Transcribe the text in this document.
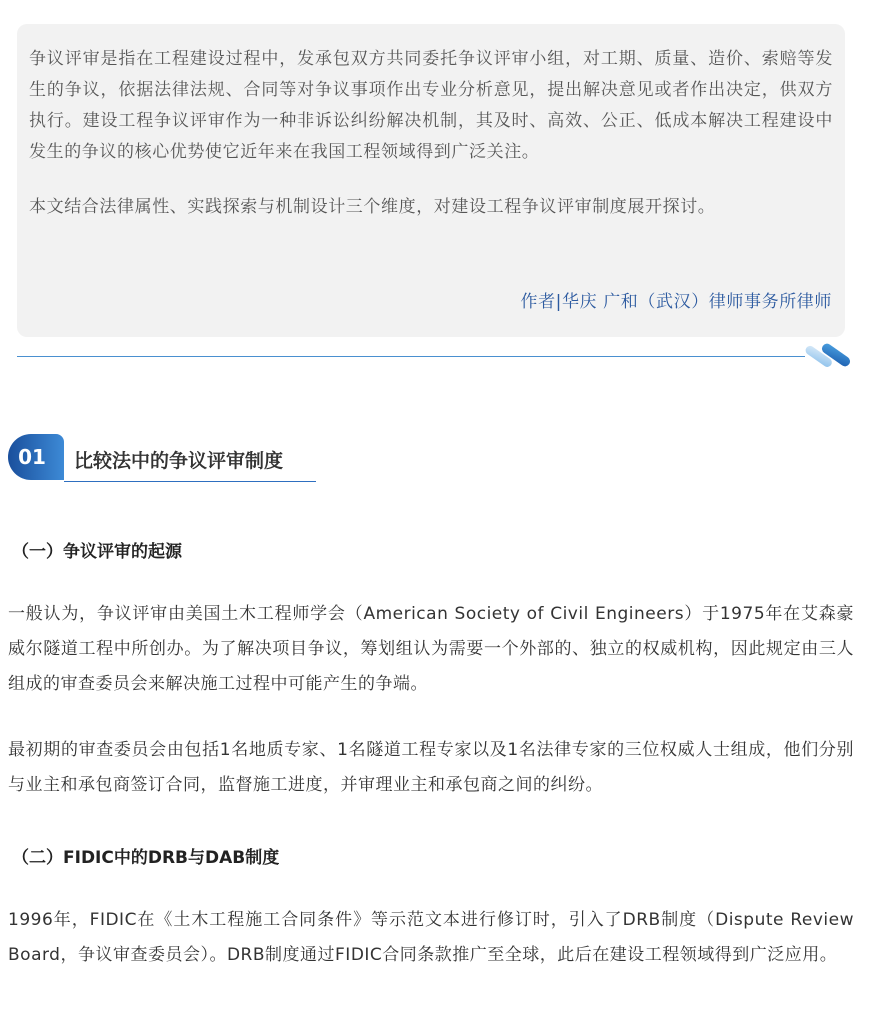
争议评审是指在工程建设过程中，发承包双方共同委托争议评审小组，对工期、质量、造价、索赔等发生的争议，依据法律法规、合同等对争议事项作出专业分析意见，提出解决意见或者作出决定，供双方执行。建设工程争议评审作为一种非诉讼纠纷解决机制，其及时、高效、公正、低成本解决工程建设中发生的争议的核心优势使它近年来在我国工程领域得到广泛关注。

本文结合法律属性、实践探索与机制设计三个维度，对建设工程争议评审制度展开探讨。

作者|华庆 广和（武汉）律师事务所律师
01	比较法中的争议评审制度
（一）争议评审的起源

一般认为，争议评审由美国土木工程师学会（American Society of Civil Engineers）于1975年在艾森豪威尔隧道工程中所创办。为了解决项目争议，筹划组认为需要一个外部的、独立的权威机构，因此规定由三人组成的审查委员会来解决施工过程中可能产生的争端。

最初期的审查委员会由包括1名地质专家、1名隧道工程专家以及1名法律专家的三位权威人士组成，他们分别与业主和承包商签订合同，监督施工进度，并审理业主和承包商之间的纠纷。

（二）FIDIC中的DRB与DAB制度

1996年，FIDIC在《土木工程施工合同条件》等示范文本进行修订时，引入了DRB制度（Dispute Review Board，争议审查委员会）。DRB制度通过FIDIC合同条款推广至全球，此后在建设工程领域得到广泛应用。
